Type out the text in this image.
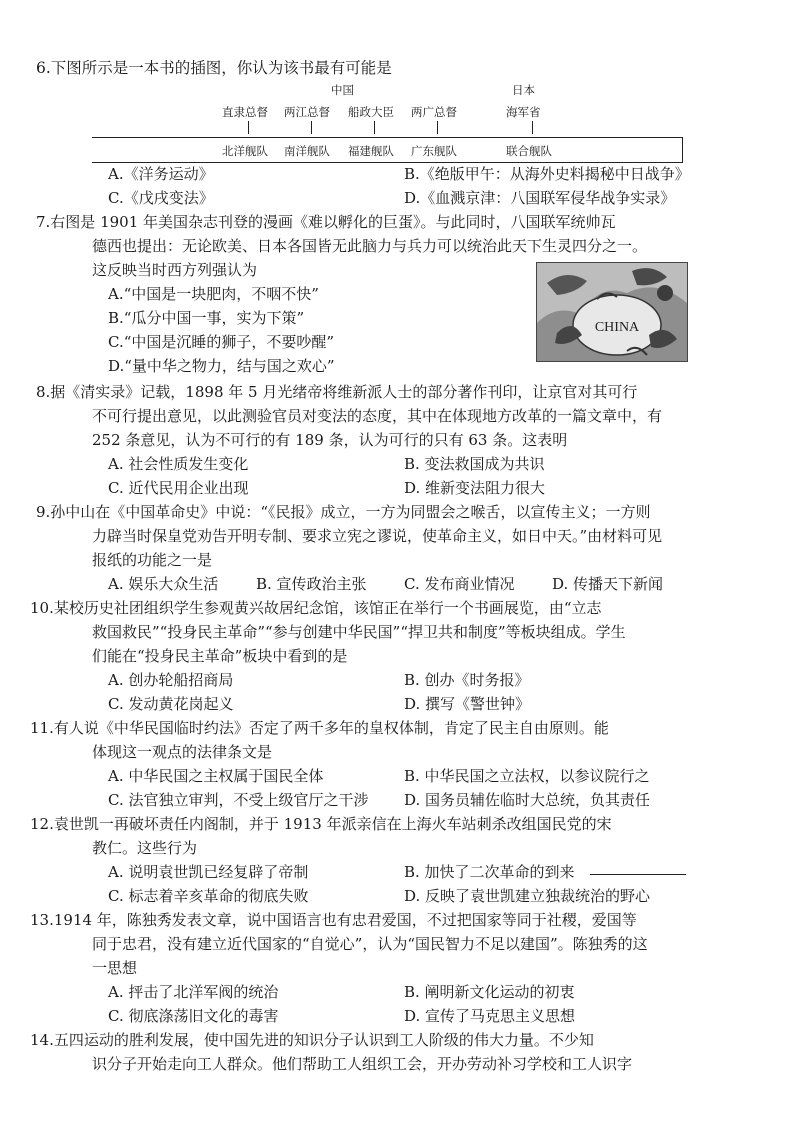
6.下图所示是一本书的插图，你认为该书最有可能是
中国	日本
直隶总督 两江总督 船政大臣 两广总督	海军省
北洋舰队 南洋舰队 福建舰队 广东舰队	联合舰队
A.《洋务运动》	B.《绝版甲午：从海外史料揭秘中日战争》
C.《戊戌变法》	D.《血溅京津：八国联军侵华战争实录》
7.右图是 1901 年美国杂志刊登的漫画《难以孵化的巨蛋》。与此同时，八国联军统帅瓦
德西也提出：无论欧美、日本各国皆无此脑力与兵力可以统治此天下生灵四分之一。
这反映当时西方列强认为
A.“中国是一块肥肉，不咽不快”
B.“瓜分中国一事，实为下策”
C.“中国是沉睡的狮子，不要吵醒”
D.“量中华之物力，结与国之欢心”
CHINA
8.据《清实录》记载，1898 年 5 月光绪帝将维新派人士的部分著作刊印，让京官对其可行
不可行提出意见，以此测验官员对变法的态度，其中在体现地方改革的一篇文章中，有
252 条意见，认为不可行的有 189 条，认为可行的只有 63 条。这表明
A. 社会性质发生变化	B. 变法救国成为共识
C. 近代民用企业出现	D. 维新变法阻力很大
9.孙中山在《中国革命史》中说：“《民报》成立，一方为同盟会之喉舌，以宣传主义；一方则
力辟当时保皇党劝告开明专制、要求立宪之谬说，使革命主义，如日中天。”由材料可见
报纸的功能之一是
A. 娱乐大众生活	B. 宣传政治主张 C. 发布商业情况	D. 传播天下新闻
10.某校历史社团组织学生参观黄兴故居纪念馆，该馆正在举行一个书画展览，由“立志
救国救民”“投身民主革命”“参与创建中华民国”“捍卫共和制度”等板块组成。学生
们能在“投身民主革命”板块中看到的是
A. 创办轮船招商局	B. 创办《时务报》
C. 发动黄花岗起义	D. 撰写《警世钟》
11.有人说《中华民国临时约法》否定了两千多年的皇权体制，肯定了民主自由原则。能
体现这一观点的法律条文是
A. 中华民国之主权属于国民全体	B. 中华民国之立法权，以参议院行之
C. 法官独立审判，不受上级官厅之干涉 D. 国务员辅佐临时大总统，负其责任
12.袁世凯一再破坏责任内阁制，并于 1913 年派亲信在上海火车站刺杀改组国民党的宋
教仁。这些行为
A. 说明袁世凯已经复辟了帝制	B. 加快了二次革命的到来
C. 标志着辛亥革命的彻底失败	D. 反映了袁世凯建立独裁统治的野心
13.1914 年，陈独秀发表文章，说中国语言也有忠君爱国，不过把国家等同于社稷，爱国等
同于忠君，没有建立近代国家的“自觉心”，认为“国民智力不足以建国”。陈独秀的这
一思想
A. 抨击了北洋军阀的统治	B. 阐明新文化运动的初衷
C. 彻底涤荡旧文化的毒害	D. 宣传了马克思主义思想
14.五四运动的胜利发展，使中国先进的知识分子认识到工人阶级的伟大力量。不少知
识分子开始走向工人群众。他们帮助工人组织工会，开办劳动补习学校和工人识字
